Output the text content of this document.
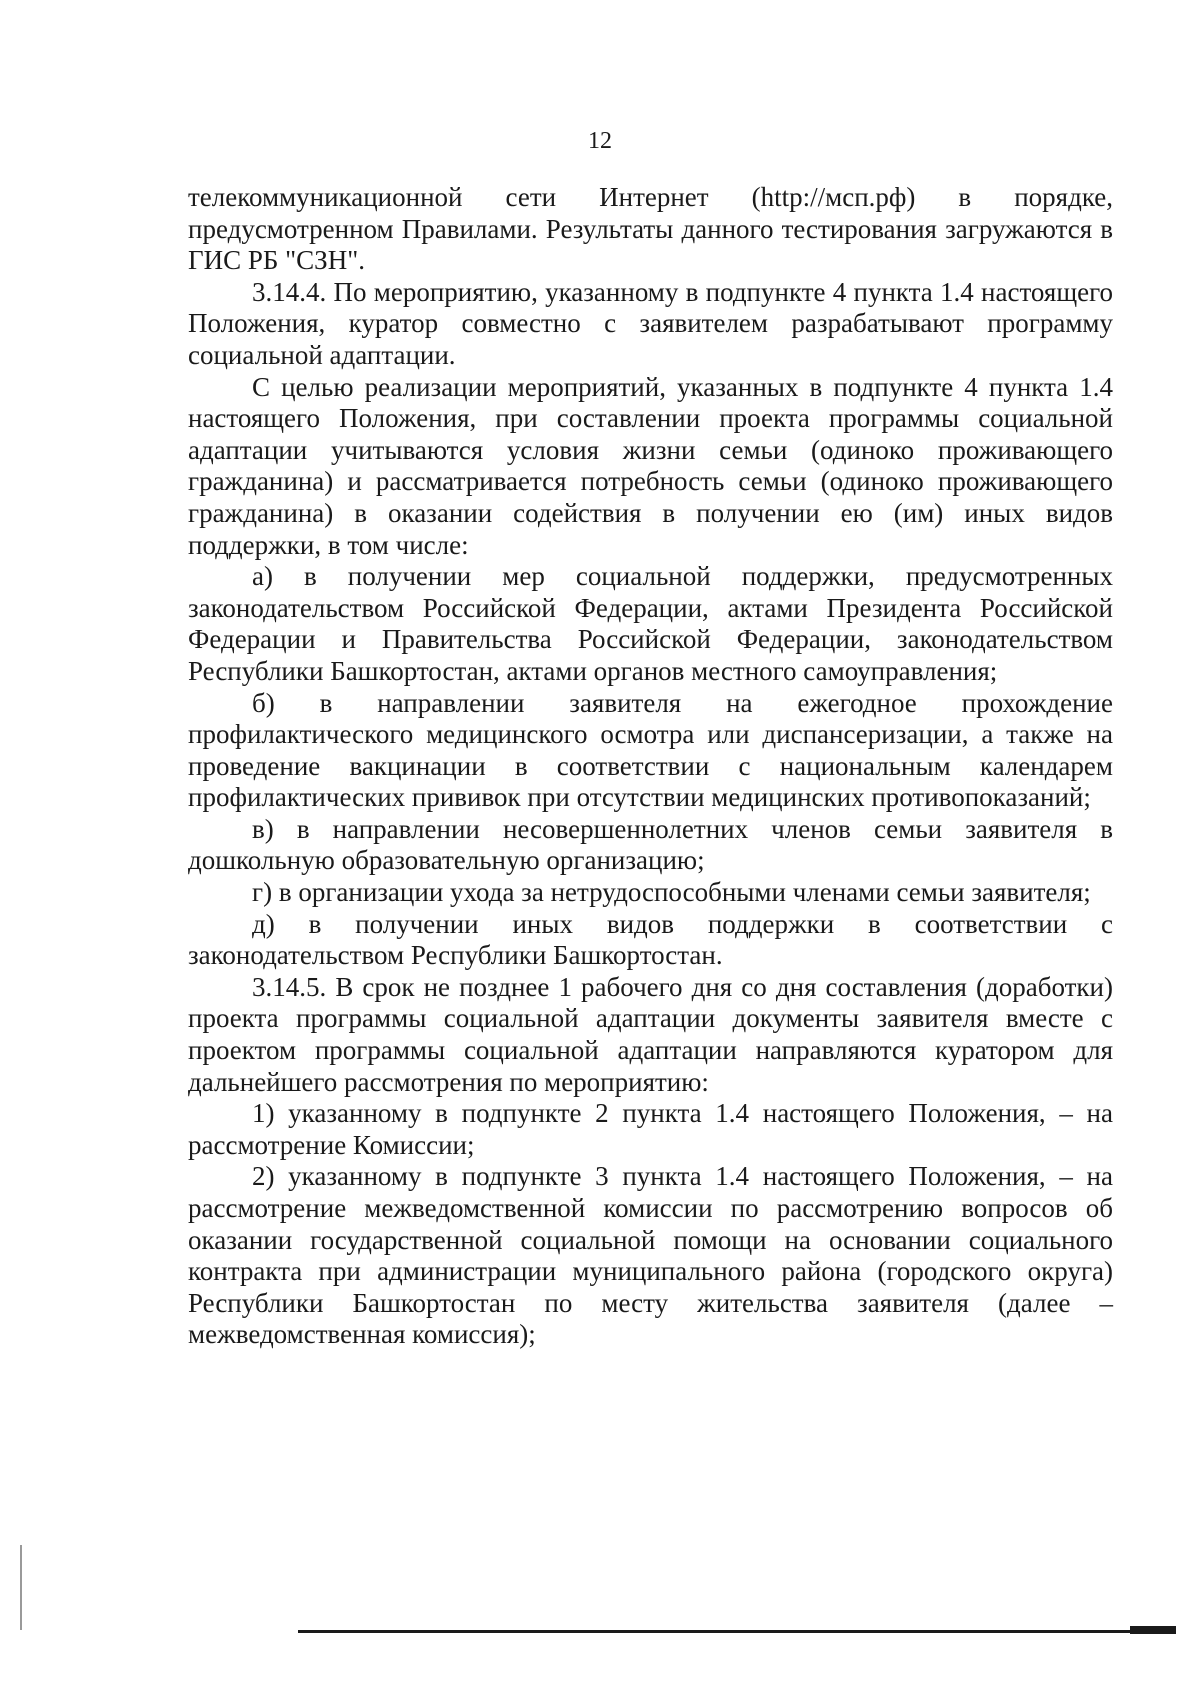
12

телекоммуникационной сети Интернет (http://мсп.рф) в порядке, предусмотренном Правилами. Результаты данного тестирования загружаются в ГИС РБ "СЗН".

3.14.4. По мероприятию, указанному в подпункте 4 пункта 1.4 настоящего Положения, куратор совместно с заявителем разрабатывают программу социальной адаптации.

С целью реализации мероприятий, указанных в подпункте 4 пункта 1.4 настоящего Положения, при составлении проекта программы социальной адаптации учитываются условия жизни семьи (одиноко проживающего гражданина) и рассматривается потребность семьи (одиноко проживающего гражданина) в оказании содействия в получении ею (им) иных видов поддержки, в том числе:

а) в получении мер социальной поддержки, предусмотренных законодательством Российской Федерации, актами Президента Российской Федерации и Правительства Российской Федерации, законодательством Республики Башкортостан, актами органов местного самоуправления;

б) в направлении заявителя на ежегодное прохождение профилактического медицинского осмотра или диспансеризации, а также на проведение вакцинации в соответствии с национальным календарем профилактических прививок при отсутствии медицинских противопоказаний;

в) в направлении несовершеннолетних членов семьи заявителя в дошкольную образовательную организацию;

г) в организации ухода за нетрудоспособными членами семьи заявителя;

д) в получении иных видов поддержки в соответствии с законодательством Республики Башкортостан.

3.14.5. В срок не позднее 1 рабочего дня со дня составления (доработки) проекта программы социальной адаптации документы заявителя вместе с проектом программы социальной адаптации направляются куратором для дальнейшего рассмотрения по мероприятию:

1) указанному в подпункте 2 пункта 1.4 настоящего Положения, – на рассмотрение Комиссии;

2) указанному в подпункте 3 пункта 1.4 настоящего Положения, – на рассмотрение межведомственной комиссии по рассмотрению вопросов об оказании государственной социальной помощи на основании социального контракта при администрации муниципального района (городского округа) Республики Башкортостан по месту жительства заявителя (далее – межведомственная комиссия);
